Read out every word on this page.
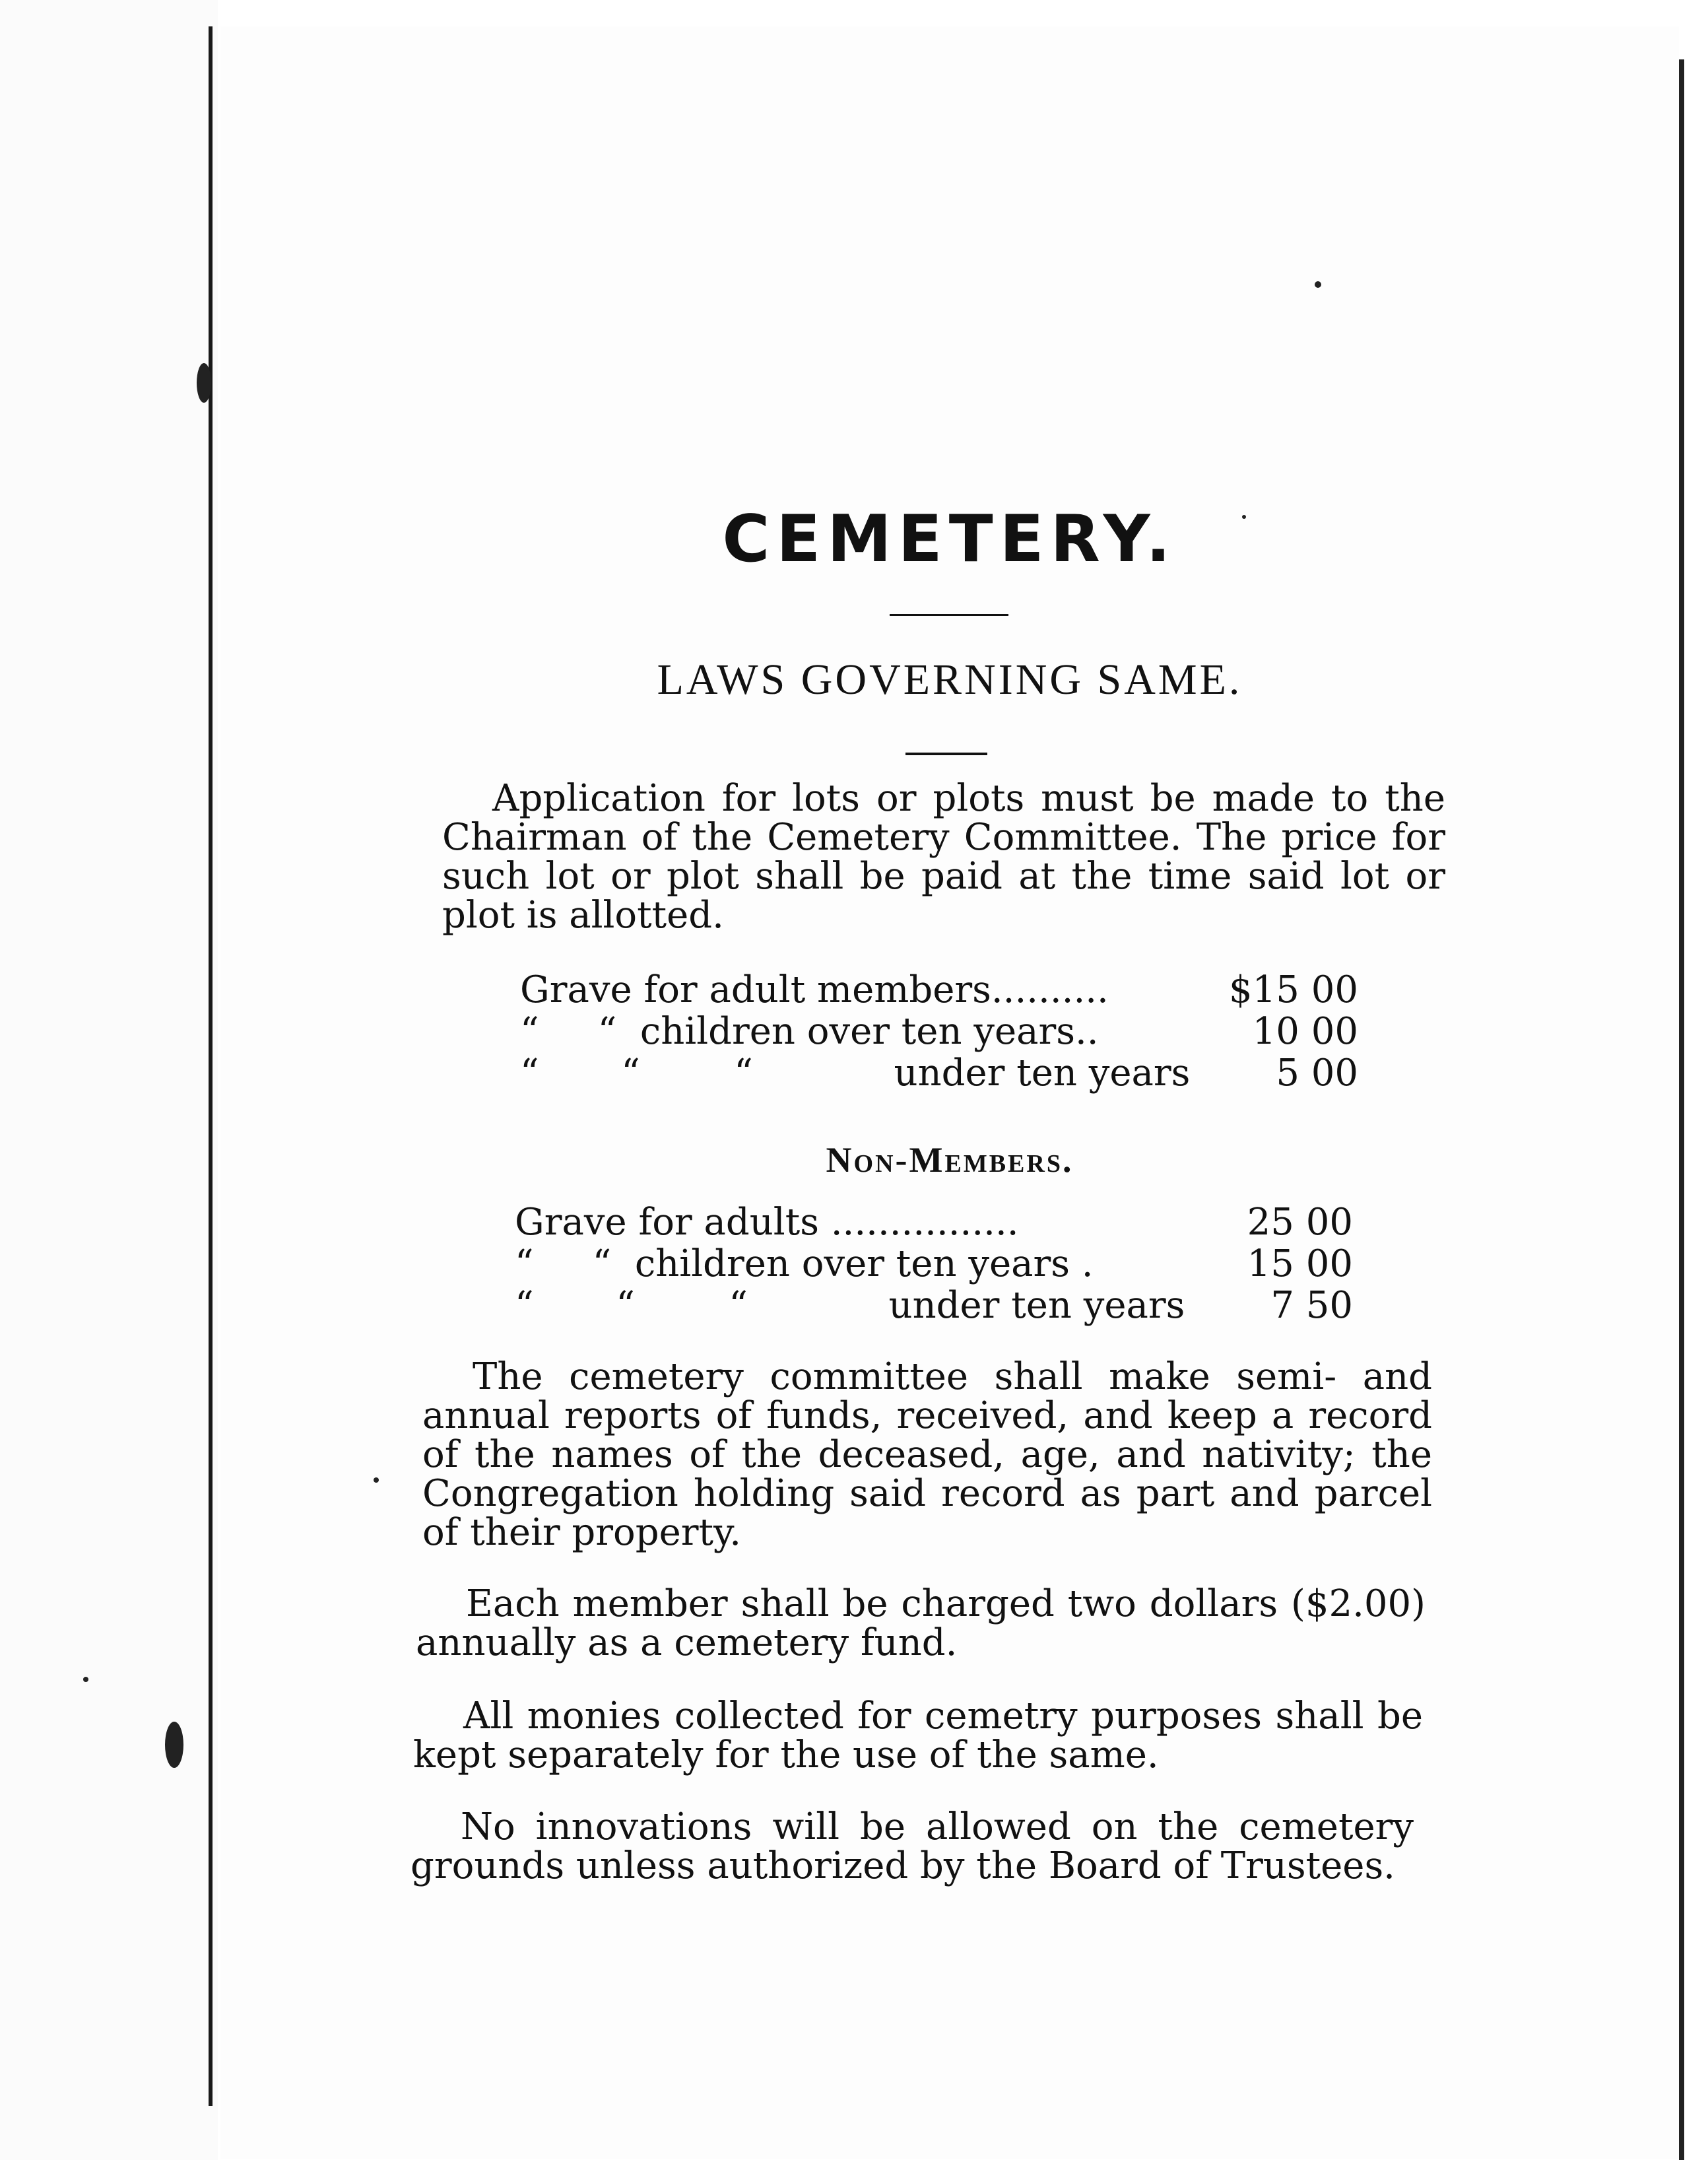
CEMETERY.
LAWS GOVERNING SAME.
Application for lots or plots must be made to the Chairman of the Cemetery Committee. The price for such lot or plot shall be paid at the time said lot or plot is allotted.
Grave for adult members..........	$15 00
“     “  children over ten years..	10 00
“       “        “            under ten years	5 00
Non-Members.
Grave for adults ................	25 00
“     “  children over ten years .	15 00
“       “        “            under ten years	7 50
The cemetery committee shall make semi- and annual reports of funds, received, and keep a record of the names of the deceased, age, and nativity; the Congregation holding said record as part and parcel of their property.
Each member shall be charged two dollars ($2.00) annually as a cemetery fund.
All monies collected for cemetry purposes shall be kept separately for the use of the same.
No innovations will be allowed on the cemetery grounds unless authorized by the Board of Trustees.
